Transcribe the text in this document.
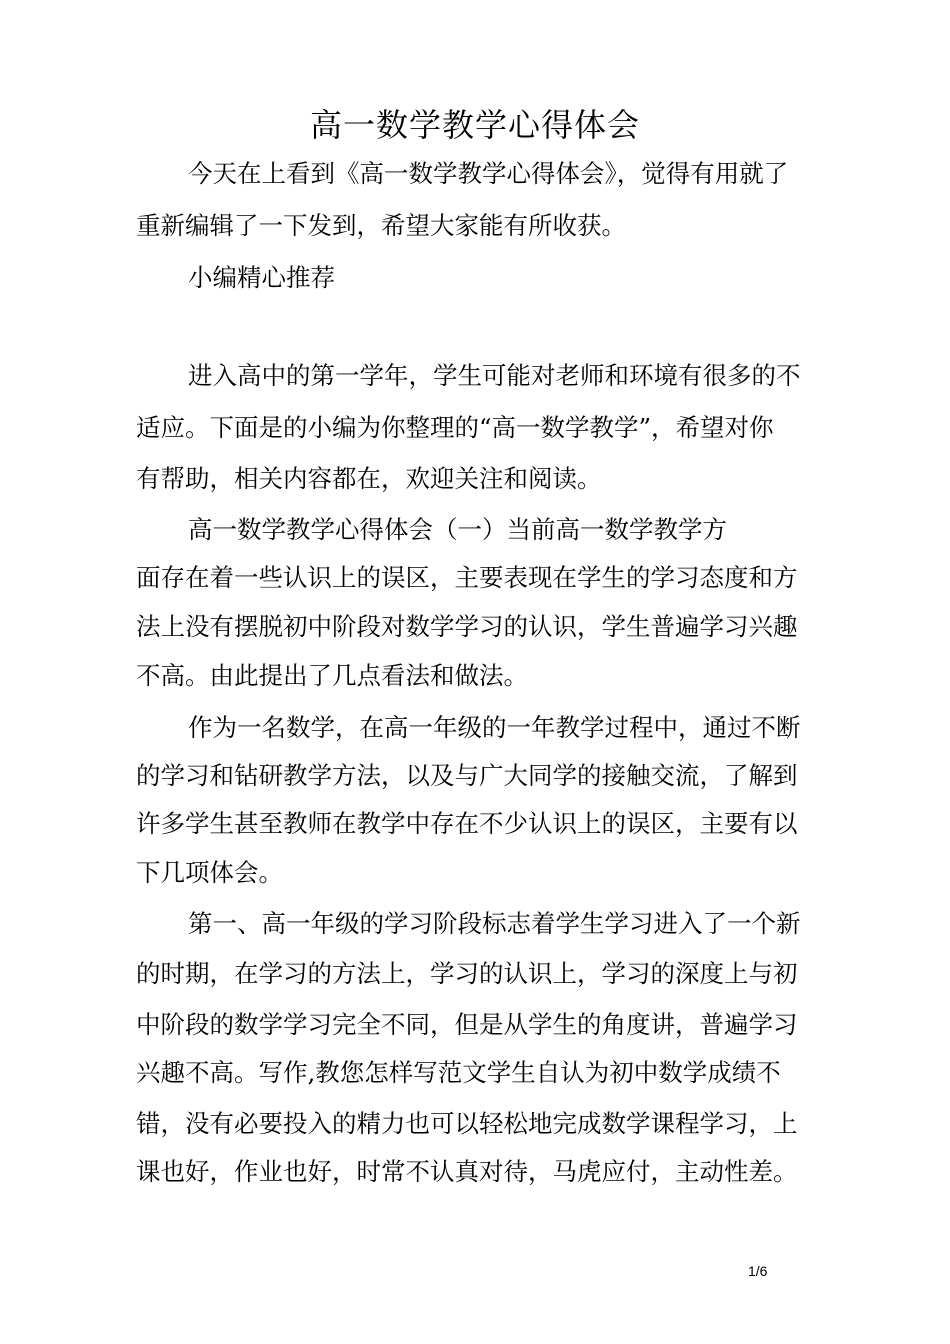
高一数学教学心得体会

今天在上看到《高一数学教学心得体会》，觉得有用就了

重新编辑了一下发到，希望大家能有所收获。

小编精心推荐

进入高中的第一学年，学生可能对老师和环境有很多的不

适应。下面是的小编为你整理的“高一数学教学”，希望对你

有帮助，相关内容都在，欢迎关注和阅读。

高一数学教学心得体会（一）当前高一数学教学方

面存在着一些认识上的误区，主要表现在学生的学习态度和方

法上没有摆脱初中阶段对数学学习的认识，学生普遍学习兴趣

不高。由此提出了几点看法和做法。

作为一名数学，在高一年级的一年教学过程中，通过不断

的学习和钻研教学方法，以及与广大同学的接触交流，了解到

许多学生甚至教师在教学中存在不少认识上的误区，主要有以

下几项体会。

第一、高一年级的学习阶段标志着学生学习进入了一个新

的时期，在学习的方法上，学习的认识上，学习的深度上与初

中阶段的数学学习完全不同，但是从学生的角度讲，普遍学习

兴趣不高。写作,教您怎样写范文学生自认为初中数学成绩不

错，没有必要投入的精力也可以轻松地完成数学课程学习，上

课也好，作业也好，时常不认真对待，马虎应付，主动性差。

1/6
